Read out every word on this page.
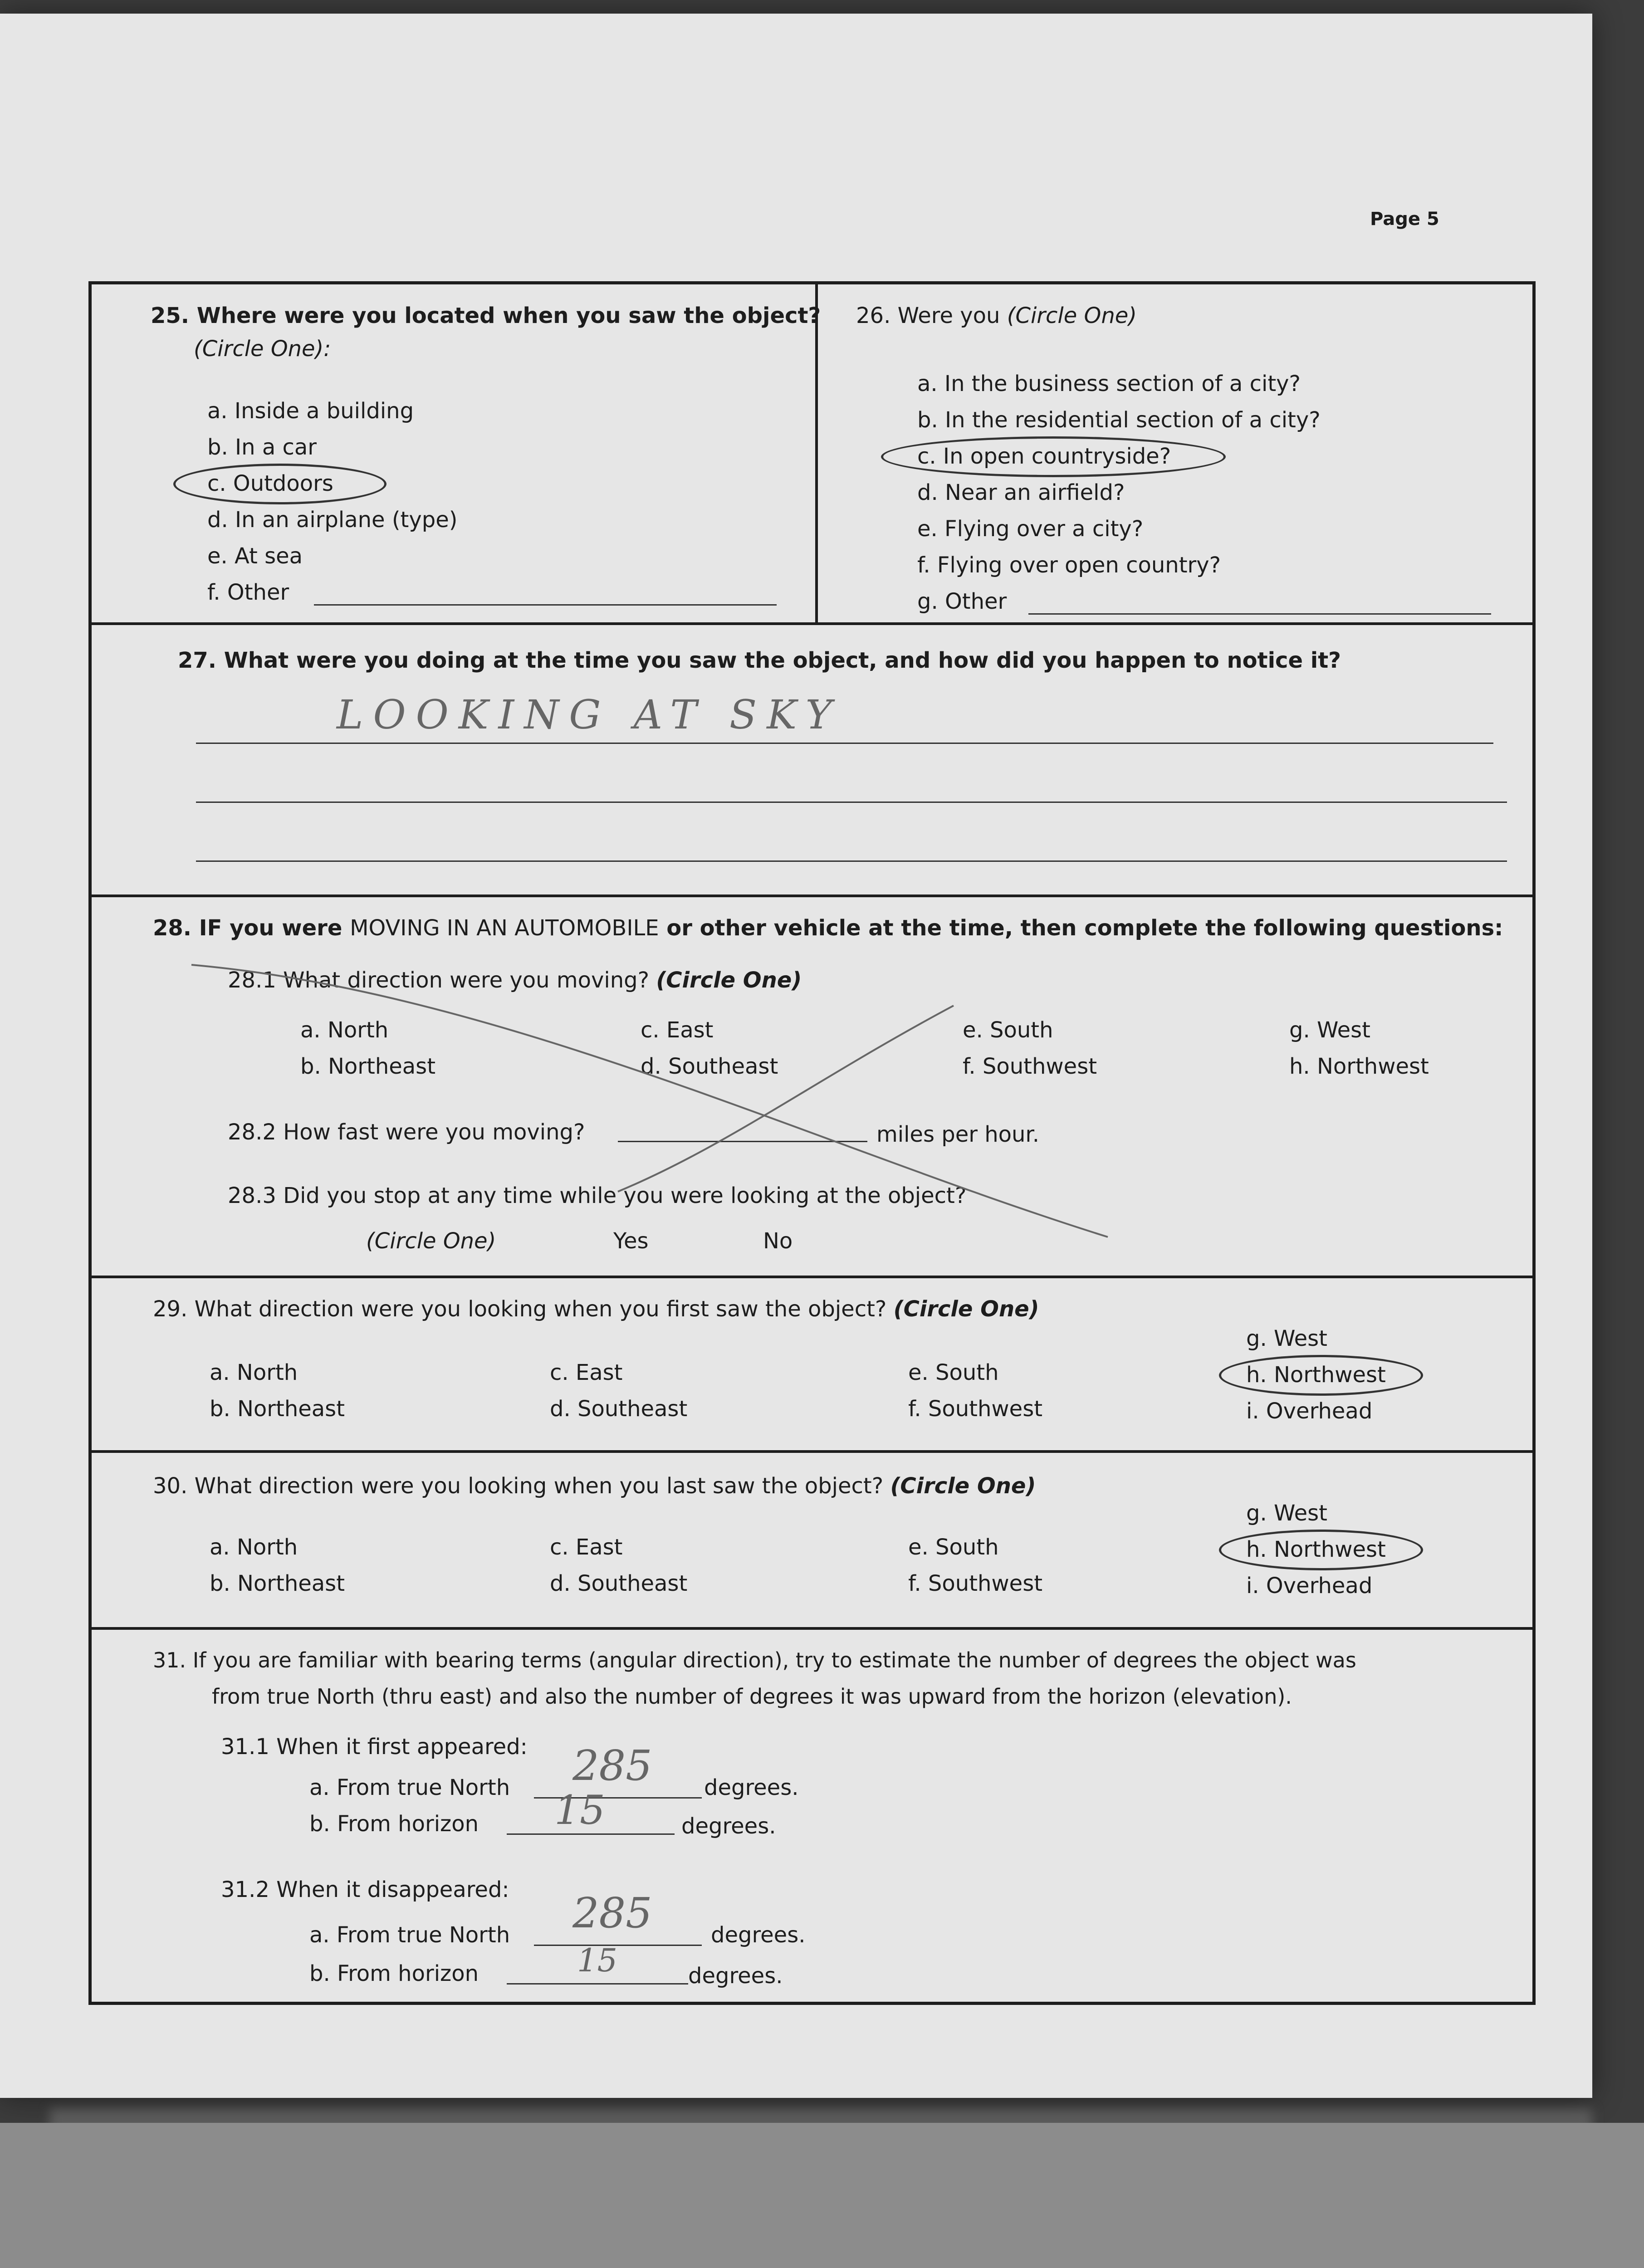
Page 5
25. Where were you located when you saw the object?
(Circle One):
a. Inside a building
b. In a car
c. Outdoors
d. In an airplane (type)
e. At sea
f. Other
26. Were you (Circle One)
a. In the business section of a city?
b. In the residential section of a city?
c. In open countryside?
d. Near an airfield?
e. Flying over a city?
f. Flying over open country?
g. Other
27. What were you doing at the time you saw the object, and how did you happen to notice it?
LOOKING AT SKY
28. IF you were MOVING IN AN AUTOMOBILE or other vehicle at the time, then complete the following questions:
28.1 What direction were you moving? (Circle One)
a. North
b. Northeast
c. East
d. Southeast
e. South
f. Southwest
g. West
h. Northwest
28.2 How fast were you moving?	miles per hour.
28.3 Did you stop at any time while you were looking at the object?
(Circle One)	Yes	No
29. What direction were you looking when you first saw the object? (Circle One)
a. North
b. Northeast
c. East
d. Southeast
e. South
f. Southwest
g. West
h. Northwest
i. Overhead
30. What direction were you looking when you last saw the object? (Circle One)
a. North
b. Northeast
c. East
d. Southeast
e. South
f. Southwest
g. West
h. Northwest
i. Overhead
31. If you are familiar with bearing terms (angular direction), try to estimate the number of degrees the object was
from true North (thru east) and also the number of degrees it was upward from the horizon (elevation).
31.1 When it first appeared:
a. From true North 285 degrees.
b. From horizon 15	degrees.
31.2 When it disappeared:
a. From true North 285	degrees.
b. From horizon	15	degrees.
